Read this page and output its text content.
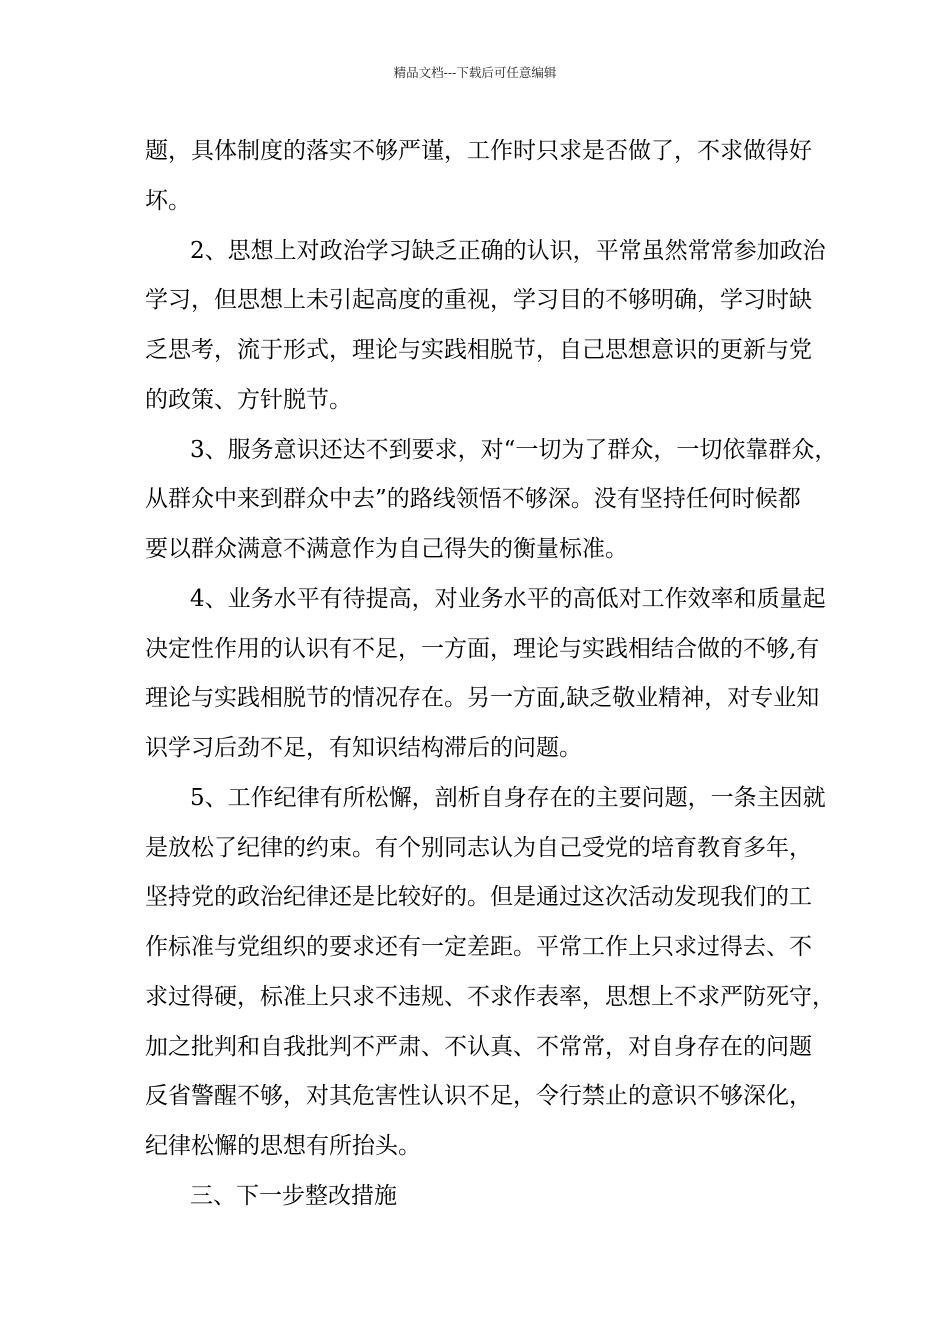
精品文档---下载后可任意编辑

题，具体制度的落实不够严谨，工作时只求是否做了，不求做得好

坏。

2、思想上对政治学习缺乏正确的认识，平常虽然常常参加政治

学习，但思想上未引起高度的重视，学习目的不够明确，学习时缺

乏思考，流于形式，理论与实践相脱节，自己思想意识的更新与党

的政策、方针脱节。

3、服务意识还达不到要求，对“一切为了群众，一切依靠群众，

从群众中来到群众中去”的路线领悟不够深。没有坚持任何时候都

要以群众满意不满意作为自己得失的衡量标准。

4、业务水平有待提高，对业务水平的高低对工作效率和质量起

决定性作用的认识有不足，一方面，理论与实践相结合做的不够,有

理论与实践相脱节的情况存在。另一方面,缺乏敬业精神，对专业知

识学习后劲不足，有知识结构滞后的问题。

5、工作纪律有所松懈，剖析自身存在的主要问题，一条主因就

是放松了纪律的约束。有个别同志认为自己受党的培育教育多年，

坚持党的政治纪律还是比较好的。但是通过这次活动发现我们的工

作标准与党组织的要求还有一定差距。平常工作上只求过得去、不

求过得硬，标准上只求不违规、不求作表率，思想上不求严防死守，

加之批判和自我批判不严肃、不认真、不常常，对自身存在的问题

反省警醒不够，对其危害性认识不足，令行禁止的意识不够深化，

纪律松懈的思想有所抬头。

三、下一步整改措施
